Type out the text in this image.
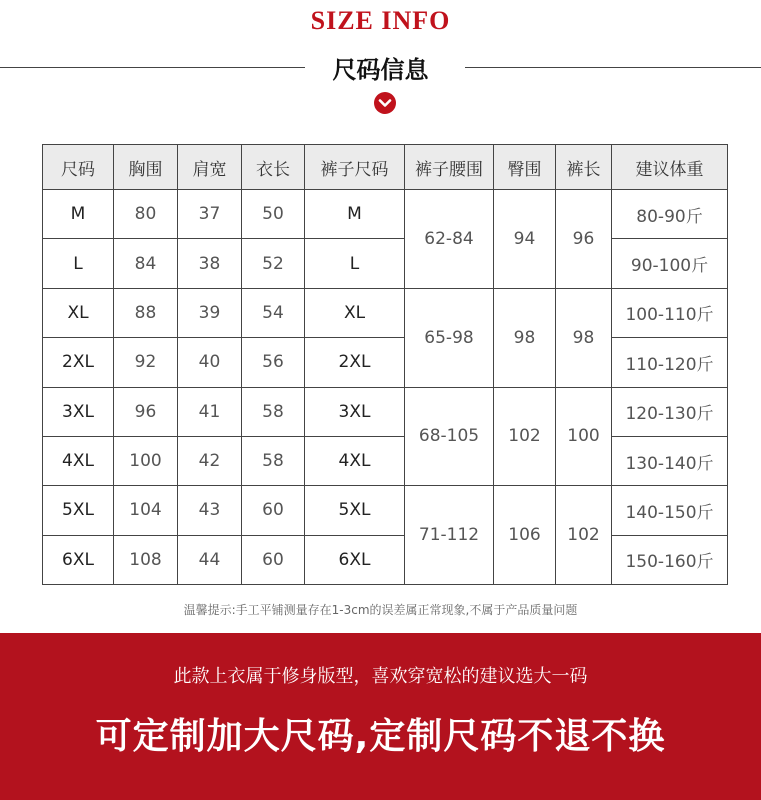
SIZE INFO
尺码信息
尺码	胸围	肩宽	衣长	裤子尺码	裤子腰围	臀围	裤长	建议体重
M	80	37	50	M	62-84	94	96	80-90斤
L	84	38	52	L				90-100斤
XL	88	39	54	XL	65-98	98	98	100-110斤
2XL	92	40	56	2XL				110-120斤
3XL	96	41	58	3XL	68-105	102	100	120-130斤
4XL	100	42	58	4XL				130-140斤
5XL	104	43	60	5XL	71-112	106	102	140-150斤
6XL	108	44	60	6XL				150-160斤
温馨提示:手工平铺测量存在1-3cm的误差属正常现象,不属于产品质量问题
此款上衣属于修身版型，喜欢穿宽松的建议选大一码
可定制加大尺码,定制尺码不退不换
